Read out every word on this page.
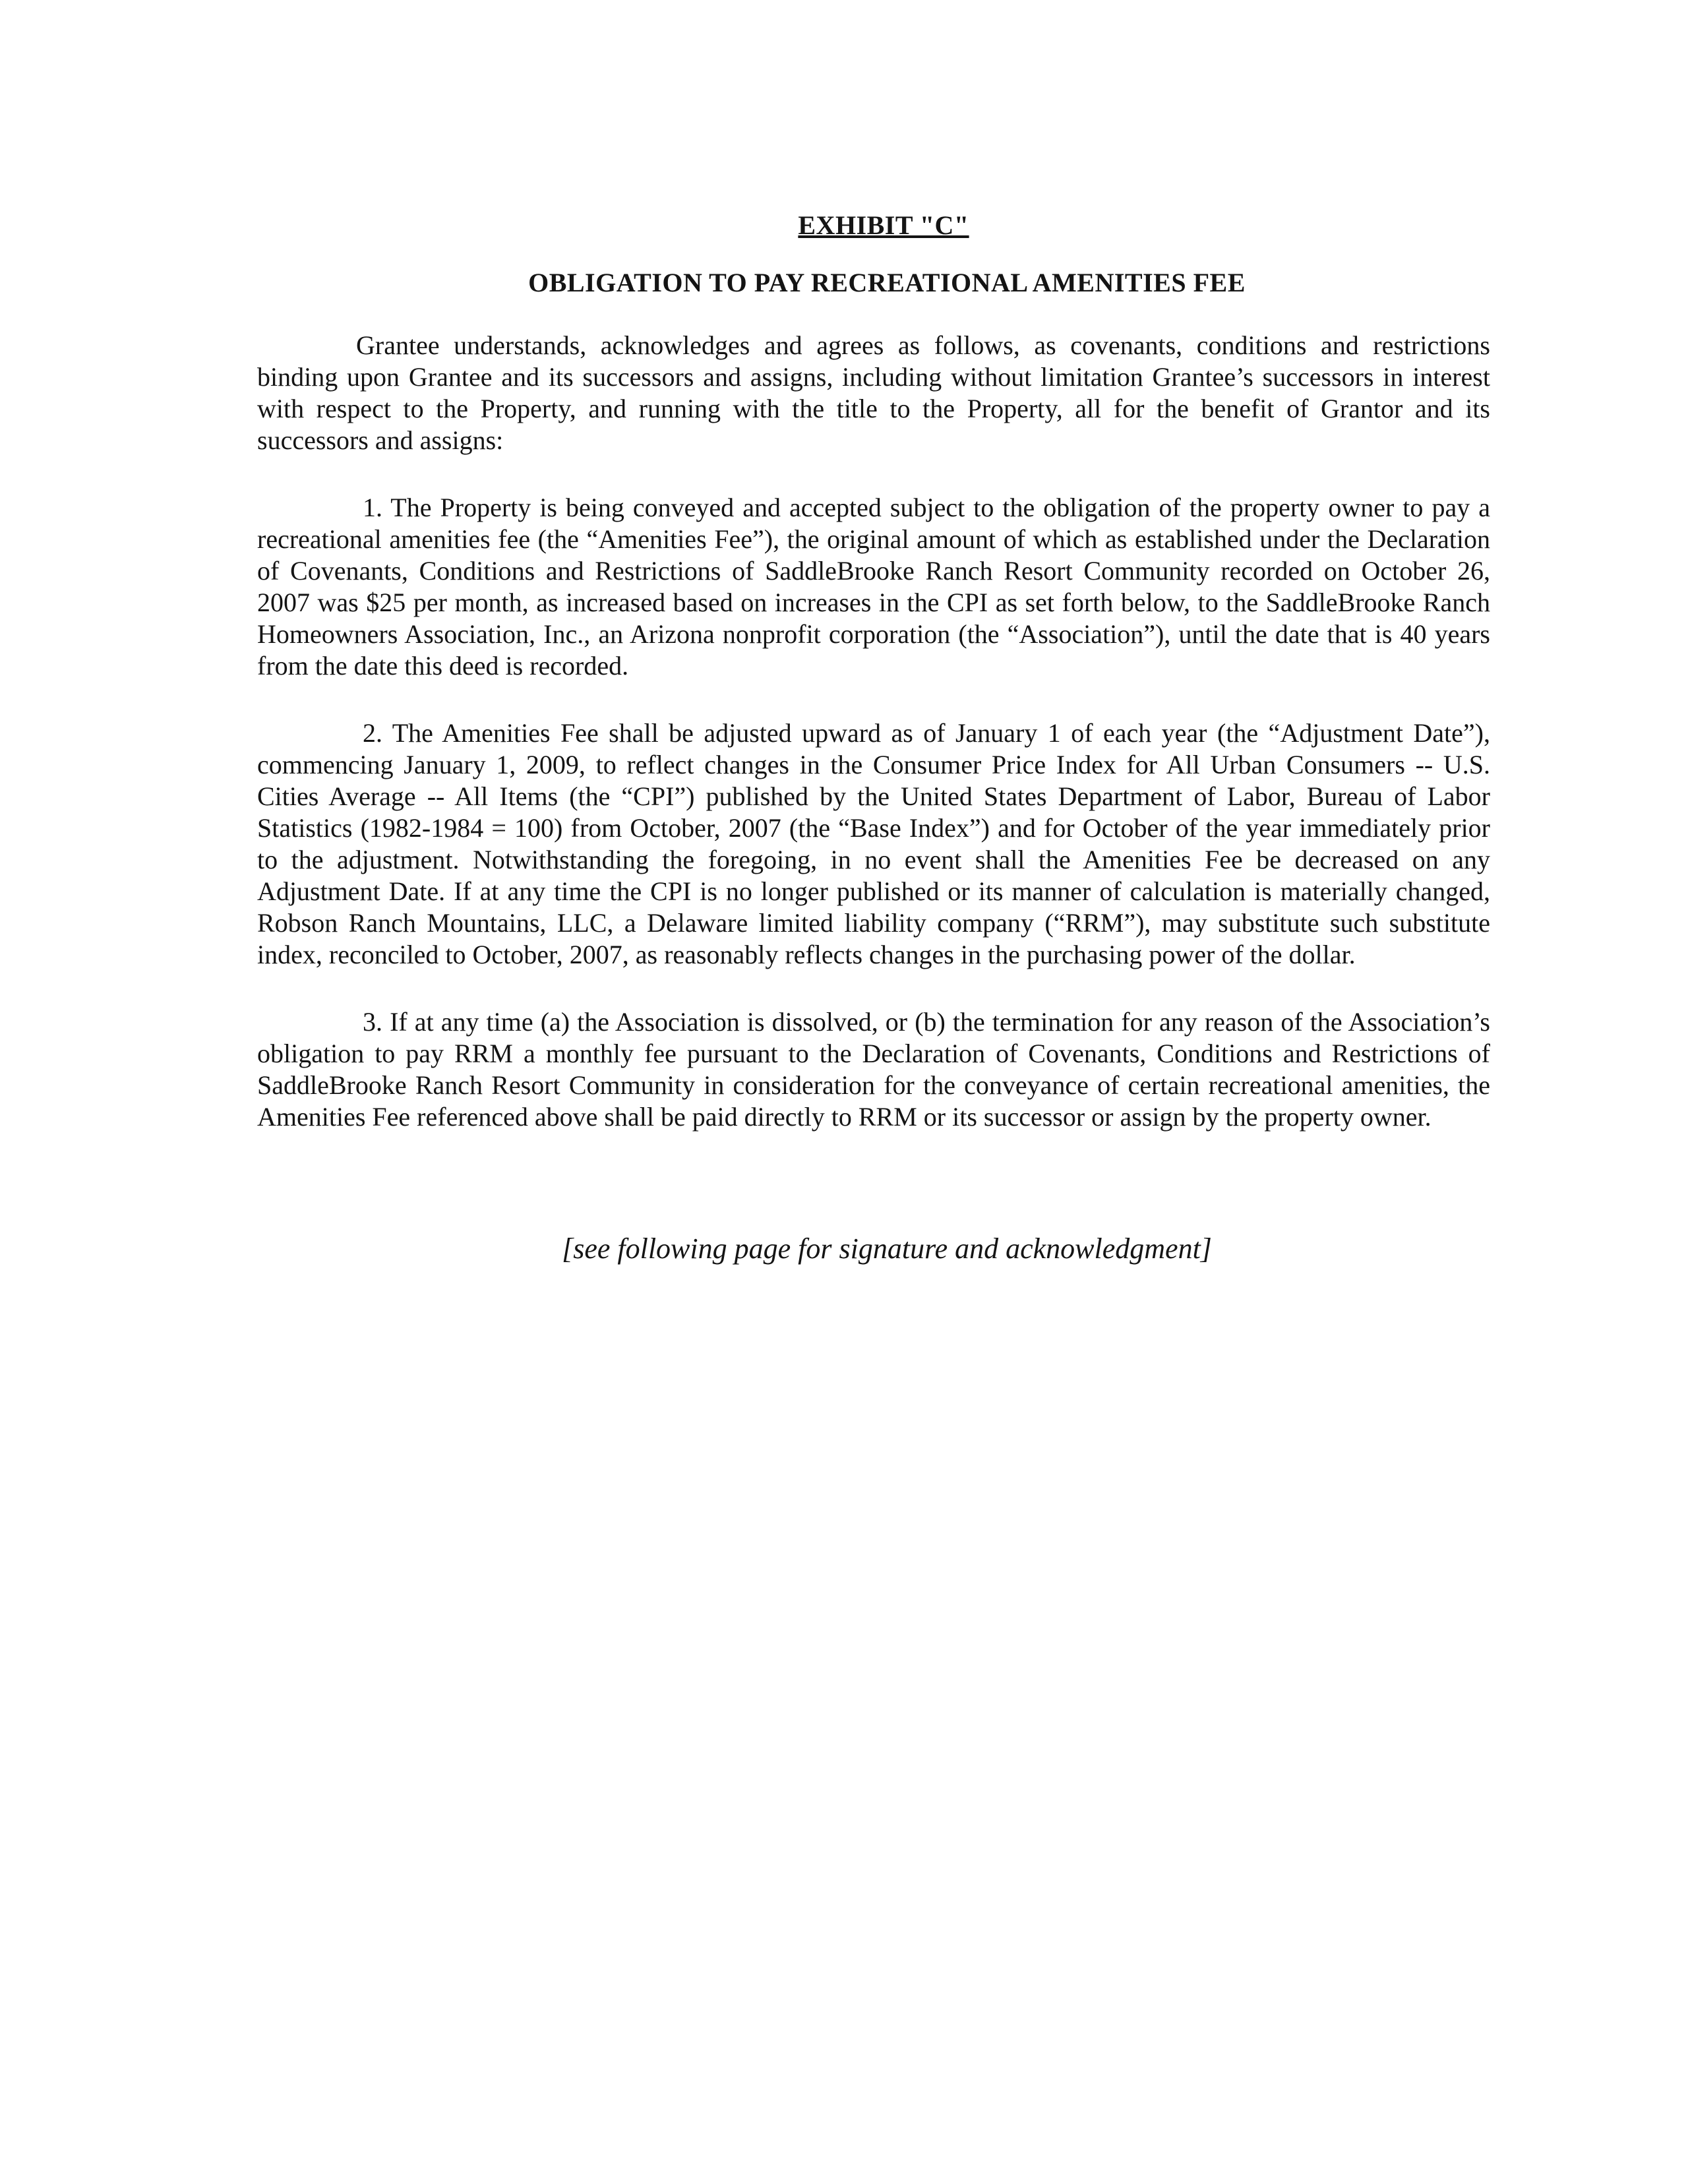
EXHIBIT "C"
OBLIGATION TO PAY RECREATIONAL AMENITIES FEE

Grantee understands, acknowledges and agrees as follows, as covenants, conditions and restrictions binding upon Grantee and its successors and assigns, including without limitation Grantee’s successors in interest with respect to the Property, and running with the title to the Property, all for the benefit of Grantor and its successors and assigns:

1. The Property is being conveyed and accepted subject to the obligation of the property owner to pay a recreational amenities fee (the “Amenities Fee”), the original amount of which as established under the Declaration of Covenants, Conditions and Restrictions of SaddleBrooke Ranch Resort Community recorded on October 26, 2007 was $25 per month, as increased based on increases in the CPI as set forth below, to the SaddleBrooke Ranch Homeowners Association, Inc., an Arizona nonprofit corporation (the “Association”), until the date that is 40 years from the date this deed is recorded.

2. The Amenities Fee shall be adjusted upward as of January 1 of each year (the “Adjustment Date”), commencing January 1, 2009, to reflect changes in the Consumer Price Index for All Urban Consumers -- U.S. Cities Average -- All Items (the “CPI”) published by the United States Department of Labor, Bureau of Labor Statistics (1982-1984 = 100) from October, 2007 (the “Base Index”) and for October of the year immediately prior to the adjustment. Notwithstanding the foregoing, in no event shall the Amenities Fee be decreased on any Adjustment Date. If at any time the CPI is no longer published or its manner of calculation is materially changed, Robson Ranch Mountains, LLC, a Delaware limited liability company (“RRM”), may substitute such substitute index, reconciled to October, 2007, as reasonably reflects changes in the purchasing power of the dollar.

3. If at any time (a) the Association is dissolved, or (b) the termination for any reason of the Association’s obligation to pay RRM a monthly fee pursuant to the Declaration of Covenants, Conditions and Restrictions of SaddleBrooke Ranch Resort Community in consideration for the conveyance of certain recreational amenities, the Amenities Fee referenced above shall be paid directly to RRM or its successor or assign by the property owner.

[see following page for signature and acknowledgment]
